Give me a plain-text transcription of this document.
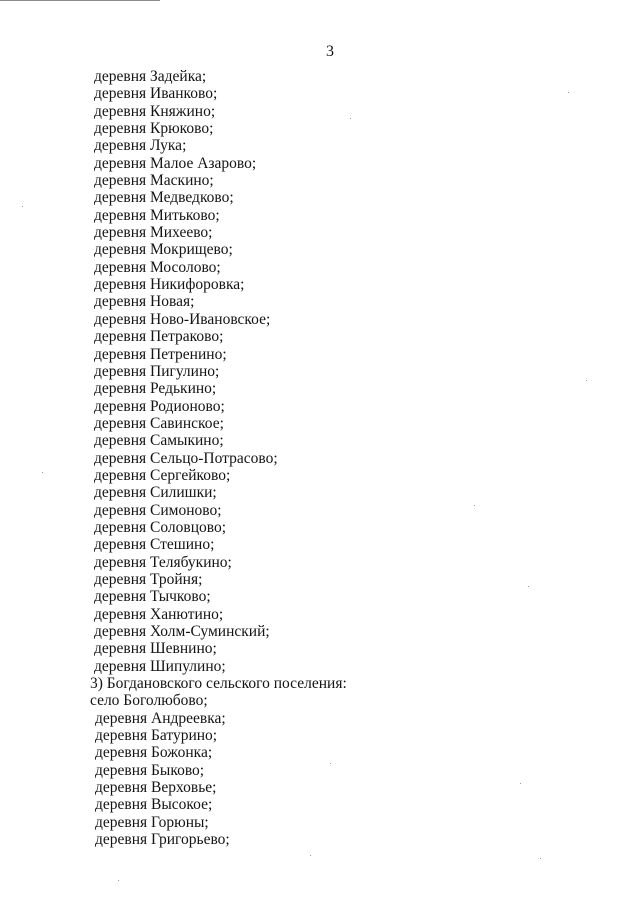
3
деревня Задейка;
деревня Иванково;
деревня Княжино;
деревня Крюково;
деревня Лука;
деревня Малое Азарово;
деревня Маскино;
деревня Медведково;
деревня Митьково;
деревня Михеево;
деревня Мокрищево;
деревня Мосолово;
деревня Никифоровка;
деревня Новая;
деревня Ново-Ивановское;
деревня Петраково;
деревня Петренино;
деревня Пигулино;
деревня Редькино;
деревня Родионово;
деревня Савинское;
деревня Самыкино;
деревня Сельцо-Потрасово;
деревня Сергейково;
деревня Силишки;
деревня Симоново;
деревня Соловцово;
деревня Стешино;
деревня Телябукино;
деревня Тройня;
деревня Тычково;
деревня Ханютино;
деревня Холм-Суминский;
деревня Шевнино;
деревня Шипулино;
3) Богдановского сельского поселения:
село Боголюбово;
деревня Андреевка;
деревня Батурино;
деревня Божонка;
деревня Быково;
деревня Верховье;
деревня Высокое;
деревня Горюны;
деревня Григорьево;
